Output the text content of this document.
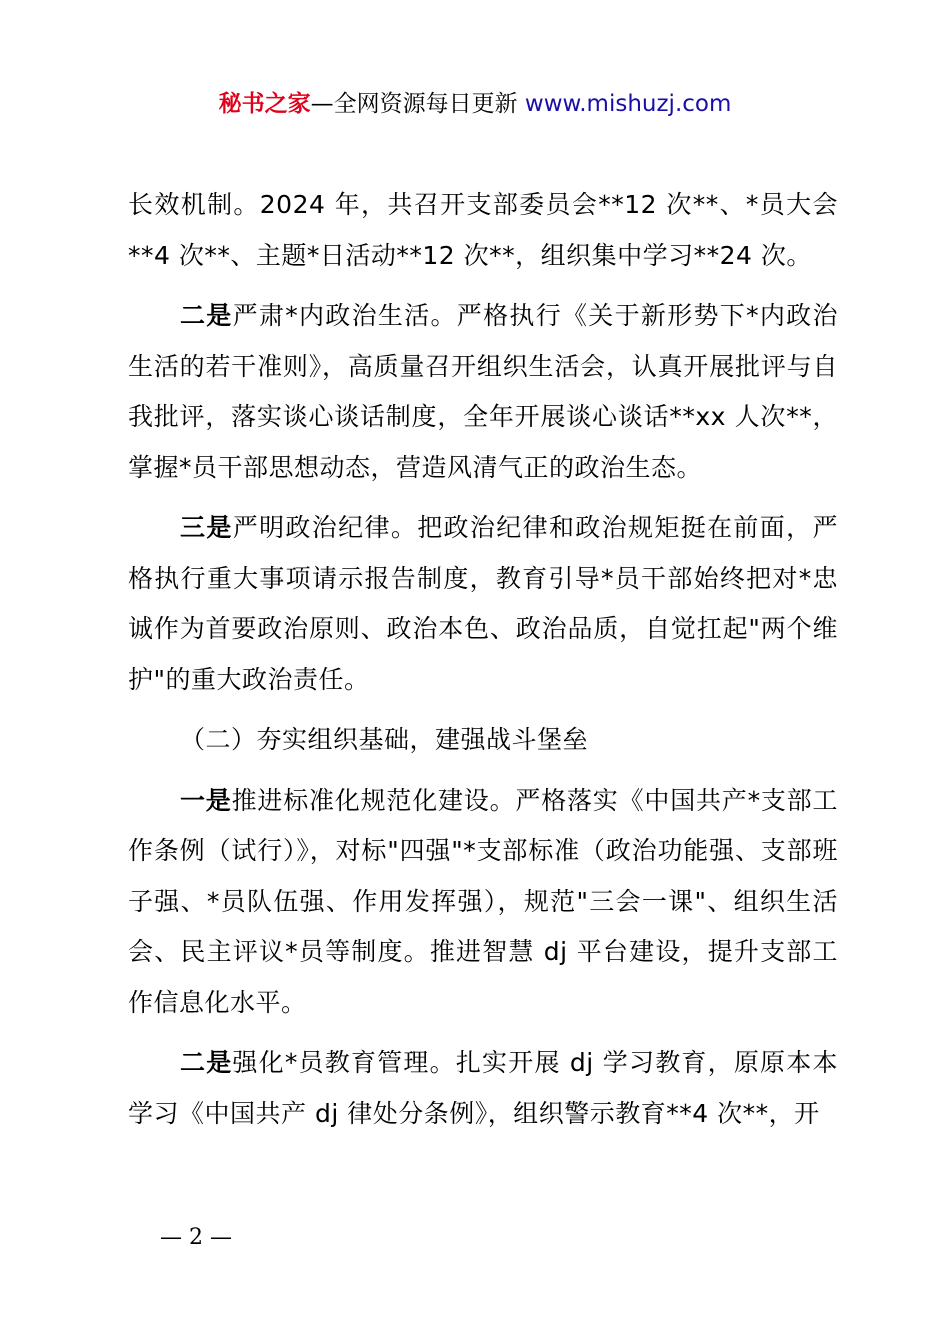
秘书之家—全网资源每日更新 www.mishuzj.com

长效机制。2024 年，共召开支部委员会**12 次**、*员大会**4 次**、主题*日活动**12 次**，组织集中学习**24 次。

二是严肃*内政治生活。严格执行《关于新形势下*内政治生活的若干准则》，高质量召开组织生活会，认真开展批评与自我批评，落实谈心谈话制度，全年开展谈心谈话**xx 人次**，掌握*员干部思想动态，营造风清气正的政治生态。

三是严明政治纪律。把政治纪律和政治规矩挺在前面，严格执行重大事项请示报告制度，教育引导*员干部始终把对*忠诚作为首要政治原则、政治本色、政治品质，自觉扛起"两个维护"的重大政治责任。

（二）夯实组织基础，建强战斗堡垒

一是推进标准化规范化建设。严格落实《中国共产*支部工作条例（试行）》，对标"四强"*支部标准（政治功能强、支部班子强、*员队伍强、作用发挥强），规范"三会一课"、组织生活会、民主评议*员等制度。推进智慧 dj 平台建设，提升支部工作信息化水平。

二是强化*员教育管理。扎实开展 dj 学习教育，原原本本学习《中国共产 dj 律处分条例》，组织警示教育**4 次**，开

— 2 —
